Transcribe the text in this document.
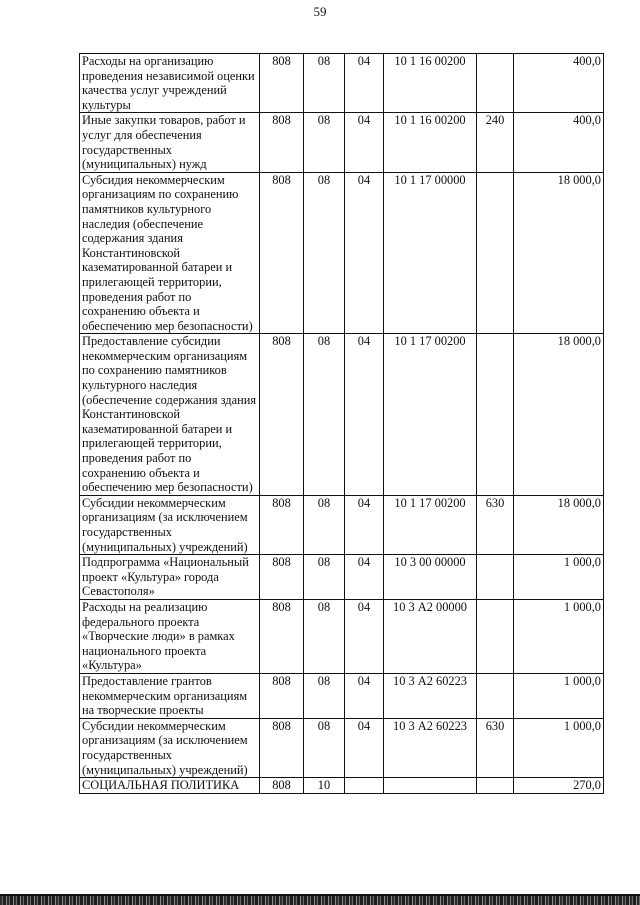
59
Расходы на организацию проведения независимой оценки качества услуг учреждений культуры	808	08	04	10 1 16 00200		400,0
Иные закупки товаров, работ и услуг для обеспечения государственных (муниципальных) нужд	808	08	04	10 1 16 00200	240	400,0
Субсидия некоммерческим организациям по сохранению памятников культурного наследия (обеспечение содержания здания Константиновской казематированной батареи и прилегающей территории, проведения работ по сохранению объекта и обеспечению мер безопасности)	808	08	04	10 1 17 00000		18 000,0
Предоставление субсидии некоммерческим организациям по сохранению памятников культурного наследия (обеспечение содержания здания Константиновской казематированной батареи и прилегающей территории, проведения работ по сохранению объекта и обеспечению мер безопасности)	808	08	04	10 1 17 00200		18 000,0
Субсидии некоммерческим организациям (за исключением государственных (муниципальных) учреждений)	808	08	04	10 1 17 00200	630	18 000,0
Подпрограмма «Национальный проект «Культура» города Севастополя»	808	08	04	10 3 00 00000		1 000,0
Расходы на реализацию федерального проекта «Творческие люди» в рамках национального проекта «Культура»	808	08	04	10 3 А2 00000		1 000,0
Предоставление грантов некоммерческим организациям на творческие проекты	808	08	04	10 3 А2 60223		1 000,0
Субсидии некоммерческим организациям (за исключением государственных (муниципальных) учреждений)	808	08	04	10 3 А2 60223	630	1 000,0
СОЦИАЛЬНАЯ ПОЛИТИКА	808	10				270,0
